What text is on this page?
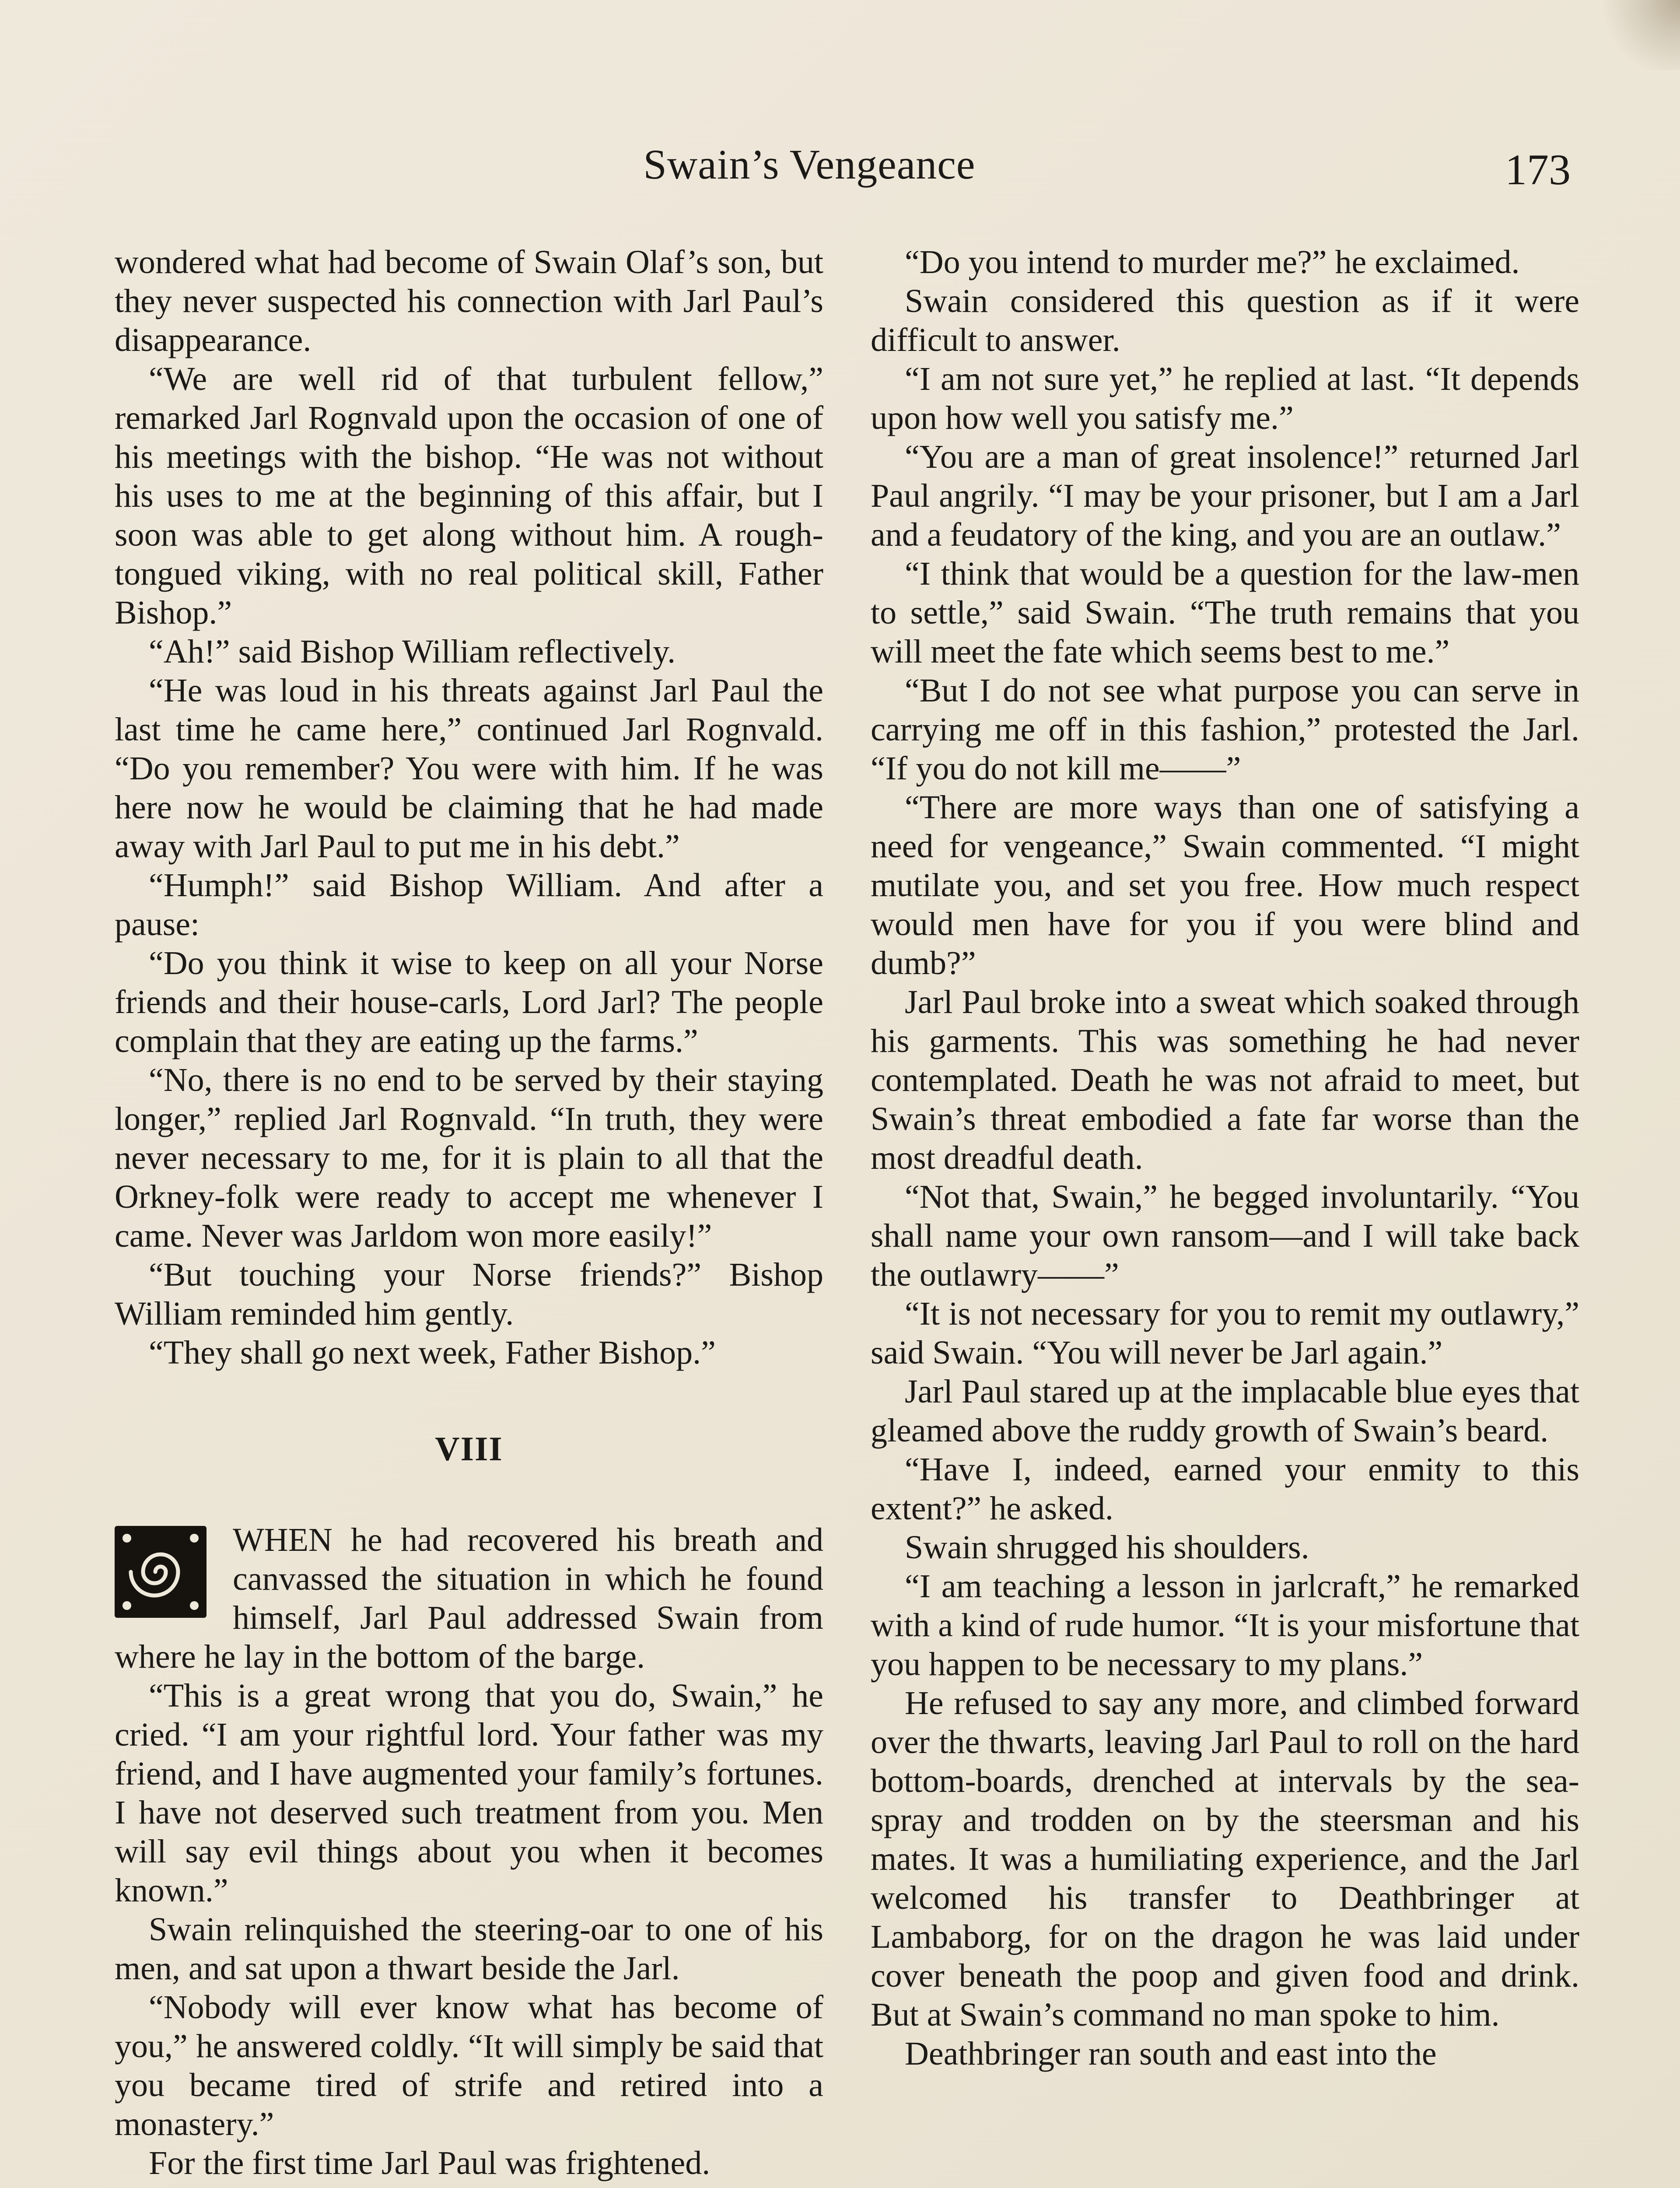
Swain’s Vengeance	173

wondered what had become of Swain Olaf’s son, but they never suspected his connection with Jarl Paul’s disappearance.

“We are well rid of that turbulent fellow,” remarked Jarl Rognvald upon the occasion of one of his meetings with the bishop. “He was not without his uses to me at the beginning of this affair, but I soon was able to get along without him. A rough-tongued viking, with no real political skill, Father Bishop.”

“Ah!” said Bishop William reflectively.

“He was loud in his threats against Jarl Paul the last time he came here,” continued Jarl Rognvald. “Do you remember? You were with him. If he was here now he would be claiming that he had made away with Jarl Paul to put me in his debt.”

“Humph!” said Bishop William. And after a pause:

“Do you think it wise to keep on all your Norse friends and their house-carls, Lord Jarl? The people complain that they are eating up the farms.”

“No, there is no end to be served by their staying longer,” replied Jarl Rognvald. “In truth, they were never necessary to me, for it is plain to all that the Orkney-folk were ready to accept me whenever I came. Never was Jarldom won more easily!”

“But touching your Norse friends?” Bishop William reminded him gently.

“They shall go next week, Father Bishop.”

VIII

WHEN he had recovered his breath and canvassed the situation in which he found himself, Jarl Paul addressed Swain from where he lay in the bottom of the barge.

“This is a great wrong that you do, Swain,” he cried. “I am your rightful lord. Your father was my friend, and I have augmented your family’s fortunes. I have not deserved such treatment from you. Men will say evil things about you when it becomes known.”

Swain relinquished the steering-oar to one of his men, and sat upon a thwart beside the Jarl.

“Nobody will ever know what has become of you,” he answered coldly. “It will simply be said that you became tired of strife and retired into a monastery.”

For the first time Jarl Paul was frightened.

“Do you intend to murder me?” he exclaimed.

Swain considered this question as if it were difficult to answer.

“I am not sure yet,” he replied at last. “It depends upon how well you satisfy me.”

“You are a man of great insolence!” returned Jarl Paul angrily. “I may be your prisoner, but I am a Jarl and a feudatory of the king, and you are an outlaw.”

“I think that would be a question for the law-men to settle,” said Swain. “The truth remains that you will meet the fate which seems best to me.”

“But I do not see what purpose you can serve in carrying me off in this fashion,” protested the Jarl. “If you do not kill me——”

“There are more ways than one of satisfying a need for vengeance,” Swain commented. “I might mutilate you, and set you free. How much respect would men have for you if you were blind and dumb?”

Jarl Paul broke into a sweat which soaked through his garments. This was something he had never contemplated. Death he was not afraid to meet, but Swain’s threat embodied a fate far worse than the most dreadful death.

“Not that, Swain,” he begged involuntarily. “You shall name your own ransom—and I will take back the outlawry——”

“It is not necessary for you to remit my outlawry,” said Swain. “You will never be Jarl again.”

Jarl Paul stared up at the implacable blue eyes that gleamed above the ruddy growth of Swain’s beard.

“Have I, indeed, earned your enmity to this extent?” he asked.

Swain shrugged his shoulders.

“I am teaching a lesson in jarlcraft,” he remarked with a kind of rude humor. “It is your misfortune that you happen to be necessary to my plans.”

He refused to say any more, and climbed forward over the thwarts, leaving Jarl Paul to roll on the hard bottom-boards, drenched at intervals by the sea-spray and trodden on by the steersman and his mates. It was a humiliating experience, and the Jarl welcomed his transfer to Deathbringer at Lambaborg, for on the dragon he was laid under cover beneath the poop and given food and drink. But at Swain’s command no man spoke to him.

Deathbringer ran south and east into the
